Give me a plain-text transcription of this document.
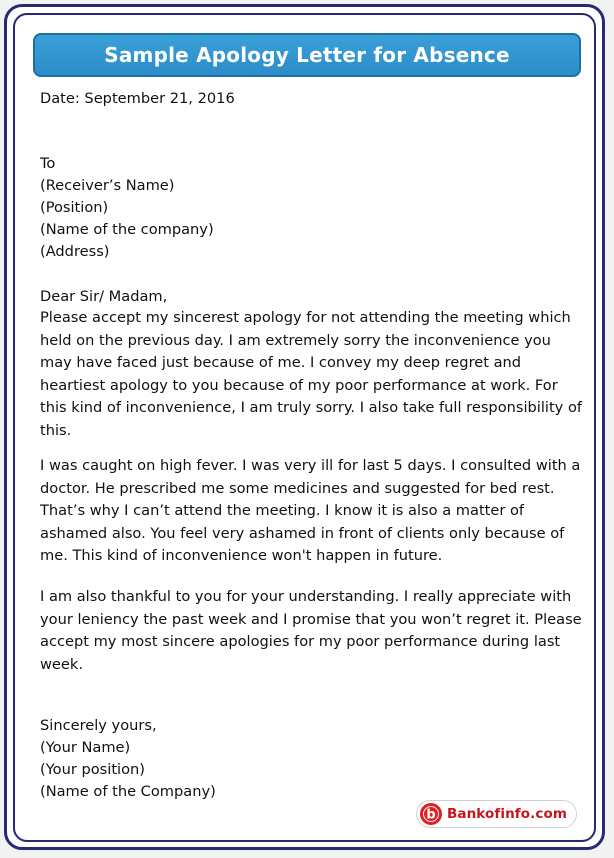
Sample Apology Letter for Absence
Date: September 21, 2016
To
(Receiver’s Name)
(Position)
(Name of the company)
(Address)
Dear Sir/ Madam,
Please accept my sincerest apology for not attending the meeting which held on the previous day. I am extremely sorry the inconvenience you may have faced just because of me. I convey my deep regret and heartiest apology to you because of my poor performance at work. For this kind of inconvenience, I am truly sorry. I also take full responsibility of this.
I was caught on high fever. I was very ill for last 5 days. I consulted with a doctor. He prescribed me some medicines and suggested for bed rest. That’s why I can’t attend the meeting. I know it is also a matter of ashamed also. You feel very ashamed in front of clients only because of me. This kind of inconvenience won't happen in future.
I am also thankful to you for your understanding. I really appreciate with your leniency the past week and I promise that you won’t regret it. Please accept my most sincere apologies for my poor performance during last week.
Sincerely yours,
(Your Name)
(Your position)
(Name of the Company)
b Bankofinfo.com
